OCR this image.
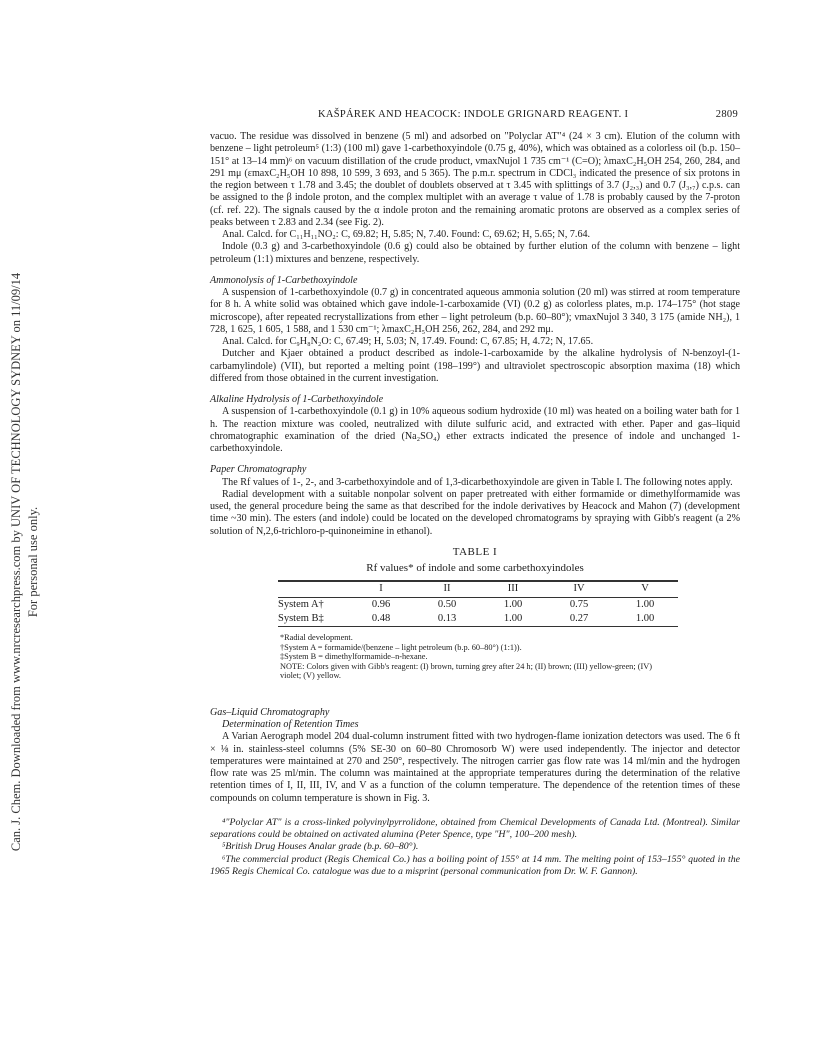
Can. J. Chem. Downloaded from www.nrcresearchpress.com by UNIV OF TECHNOLOGY SYDNEY on 11/09/14 For personal use only.
KAŠPÁREK AND HEACOCK: INDOLE GRIGNARD REAGENT. I	2809

vacuo. The residue was dissolved in benzene (5 ml) and adsorbed on "Polyclar AT"⁴ (24 × 3 cm). Elution of the column with benzene – light petroleum⁵ (1:3) (100 ml) gave 1-carbethoxyindole (0.75 g, 40%), which was obtained as a colorless oil (b.p. 150–151° at 13–14 mm)⁶ on vacuum distillation of the crude product, νmaxNujol 1 735 cm⁻¹ (C=O); λmaxC₂H₅OH 254, 260, 284, and 291 mμ (εmaxC₂H₅OH 10 898, 10 599, 3 693, and 5 365). The p.m.r. spectrum in CDCl₃ indicated the presence of six protons in the region between τ 1.78 and 3.45; the doublet of doublets observed at τ 3.45 with splittings of 3.7 (J₂,₃) and 0.7 (J₃,₇) c.p.s. can be assigned to the β indole proton, and the complex multiplet with an average τ value of 1.78 is probably caused by the 7-proton (cf. ref. 22). The signals caused by the α indole proton and the remaining aromatic protons are observed as a complex series of peaks between τ 2.83 and 2.34 (see Fig. 2).

Anal. Calcd. for C₁₁H₁₁NO₂: C, 69.82; H, 5.85; N, 7.40. Found: C, 69.62; H, 5.65; N, 7.64.

Indole (0.3 g) and 3-carbethoxyindole (0.6 g) could also be obtained by further elution of the column with benzene – light petroleum (1:1) mixtures and benzene, respectively.

Ammonolysis of 1-Carbethoxyindole

A suspension of 1-carbethoxyindole (0.7 g) in concentrated aqueous ammonia solution (20 ml) was stirred at room temperature for 8 h. A white solid was obtained which gave indole-1-carboxamide (VI) (0.2 g) as colorless plates, m.p. 174–175° (hot stage microscope), after repeated recrystallizations from ether – light petroleum (b.p. 60–80°); νmaxNujol 3 340, 3 175 (amide NH₂), 1 728, 1 625, 1 605, 1 588, and 1 530 cm⁻¹; λmaxC₂H₅OH 256, 262, 284, and 292 mμ.

Anal. Calcd. for C₉H₈N₂O: C, 67.49; H, 5.03; N, 17.49. Found: C, 67.85; H, 4.72; N, 17.65.

Dutcher and Kjaer obtained a product described as indole-1-carboxamide by the alkaline hydrolysis of N-benzoyl-(1-carbamylindole) (VII), but reported a melting point (198–199°) and ultraviolet spectroscopic absorption maxima (18) which differed from those obtained in the current investigation.

Alkaline Hydrolysis of 1-Carbethoxyindole

A suspension of 1-carbethoxyindole (0.1 g) in 10% aqueous sodium hydroxide (10 ml) was heated on a boiling water bath for 1 h. The reaction mixture was cooled, neutralized with dilute sulfuric acid, and extracted with ether. Paper and gas–liquid chromatographic examination of the dried (Na₂SO₄) ether extracts indicated the presence of indole and unchanged 1-carbethoxyindole.

Paper Chromatography

The Rf values of 1-, 2-, and 3-carbethoxyindole and of 1,3-dicarbethoxyindole are given in Table I. The following notes apply.

Radial development with a suitable nonpolar solvent on paper pretreated with either formamide or dimethylformamide was used, the general procedure being the same as that described for the indole derivatives by Heacock and Mahon (7) (development time ~30 min). The esters (and indole) could be located on the developed chromatograms by spraying with Gibb's reagent (a 2% solution of N,2,6-trichloro-p-quinoneimine in ethanol).

TABLE I
Rf values* of indole and some carbethoxyindoles
	I	II	III	IV	V
System A†	0.96	0.50	1.00	0.75	1.00
System B‡	0.48	0.13	1.00	0.27	1.00

*Radial development.

†System A = formamide/(benzene – light petroleum (b.p. 60–80°) (1:1)).

‡System B = dimethylformamide–n-hexane.

NOTE: Colors given with Gibb's reagent: (I) brown, turning grey after 24 h; (II) brown; (III) yellow-green; (IV) violet; (V) yellow.

Gas–Liquid Chromatography

Determination of Retention Times

A Varian Aerograph model 204 dual-column instrument fitted with two hydrogen-flame ionization detectors was used. The 6 ft × ⅛ in. stainless-steel columns (5% SE-30 on 60–80 Chromosorb W) were used independently. The injector and detector temperatures were maintained at 270 and 250°, respectively. The nitrogen carrier gas flow rate was 14 ml/min and the hydrogen flow rate was 25 ml/min. The column was maintained at the appropriate temperatures during the determination of the relative retention times of I, II, III, IV, and V as a function of the column temperature. The dependence of the retention times of these compounds on column temperature is shown in Fig. 3.

⁴"Polyclar AT" is a cross-linked polyvinylpyrrolidone, obtained from Chemical Developments of Canada Ltd. (Montreal). Similar separations could be obtained on activated alumina (Peter Spence, type "H", 100–200 mesh).

⁵British Drug Houses Analar grade (b.p. 60–80°).

⁶The commercial product (Regis Chemical Co.) has a boiling point of 155° at 14 mm. The melting point of 153–155° quoted in the 1965 Regis Chemical Co. catalogue was due to a misprint (personal communication from Dr. W. F. Gannon).
